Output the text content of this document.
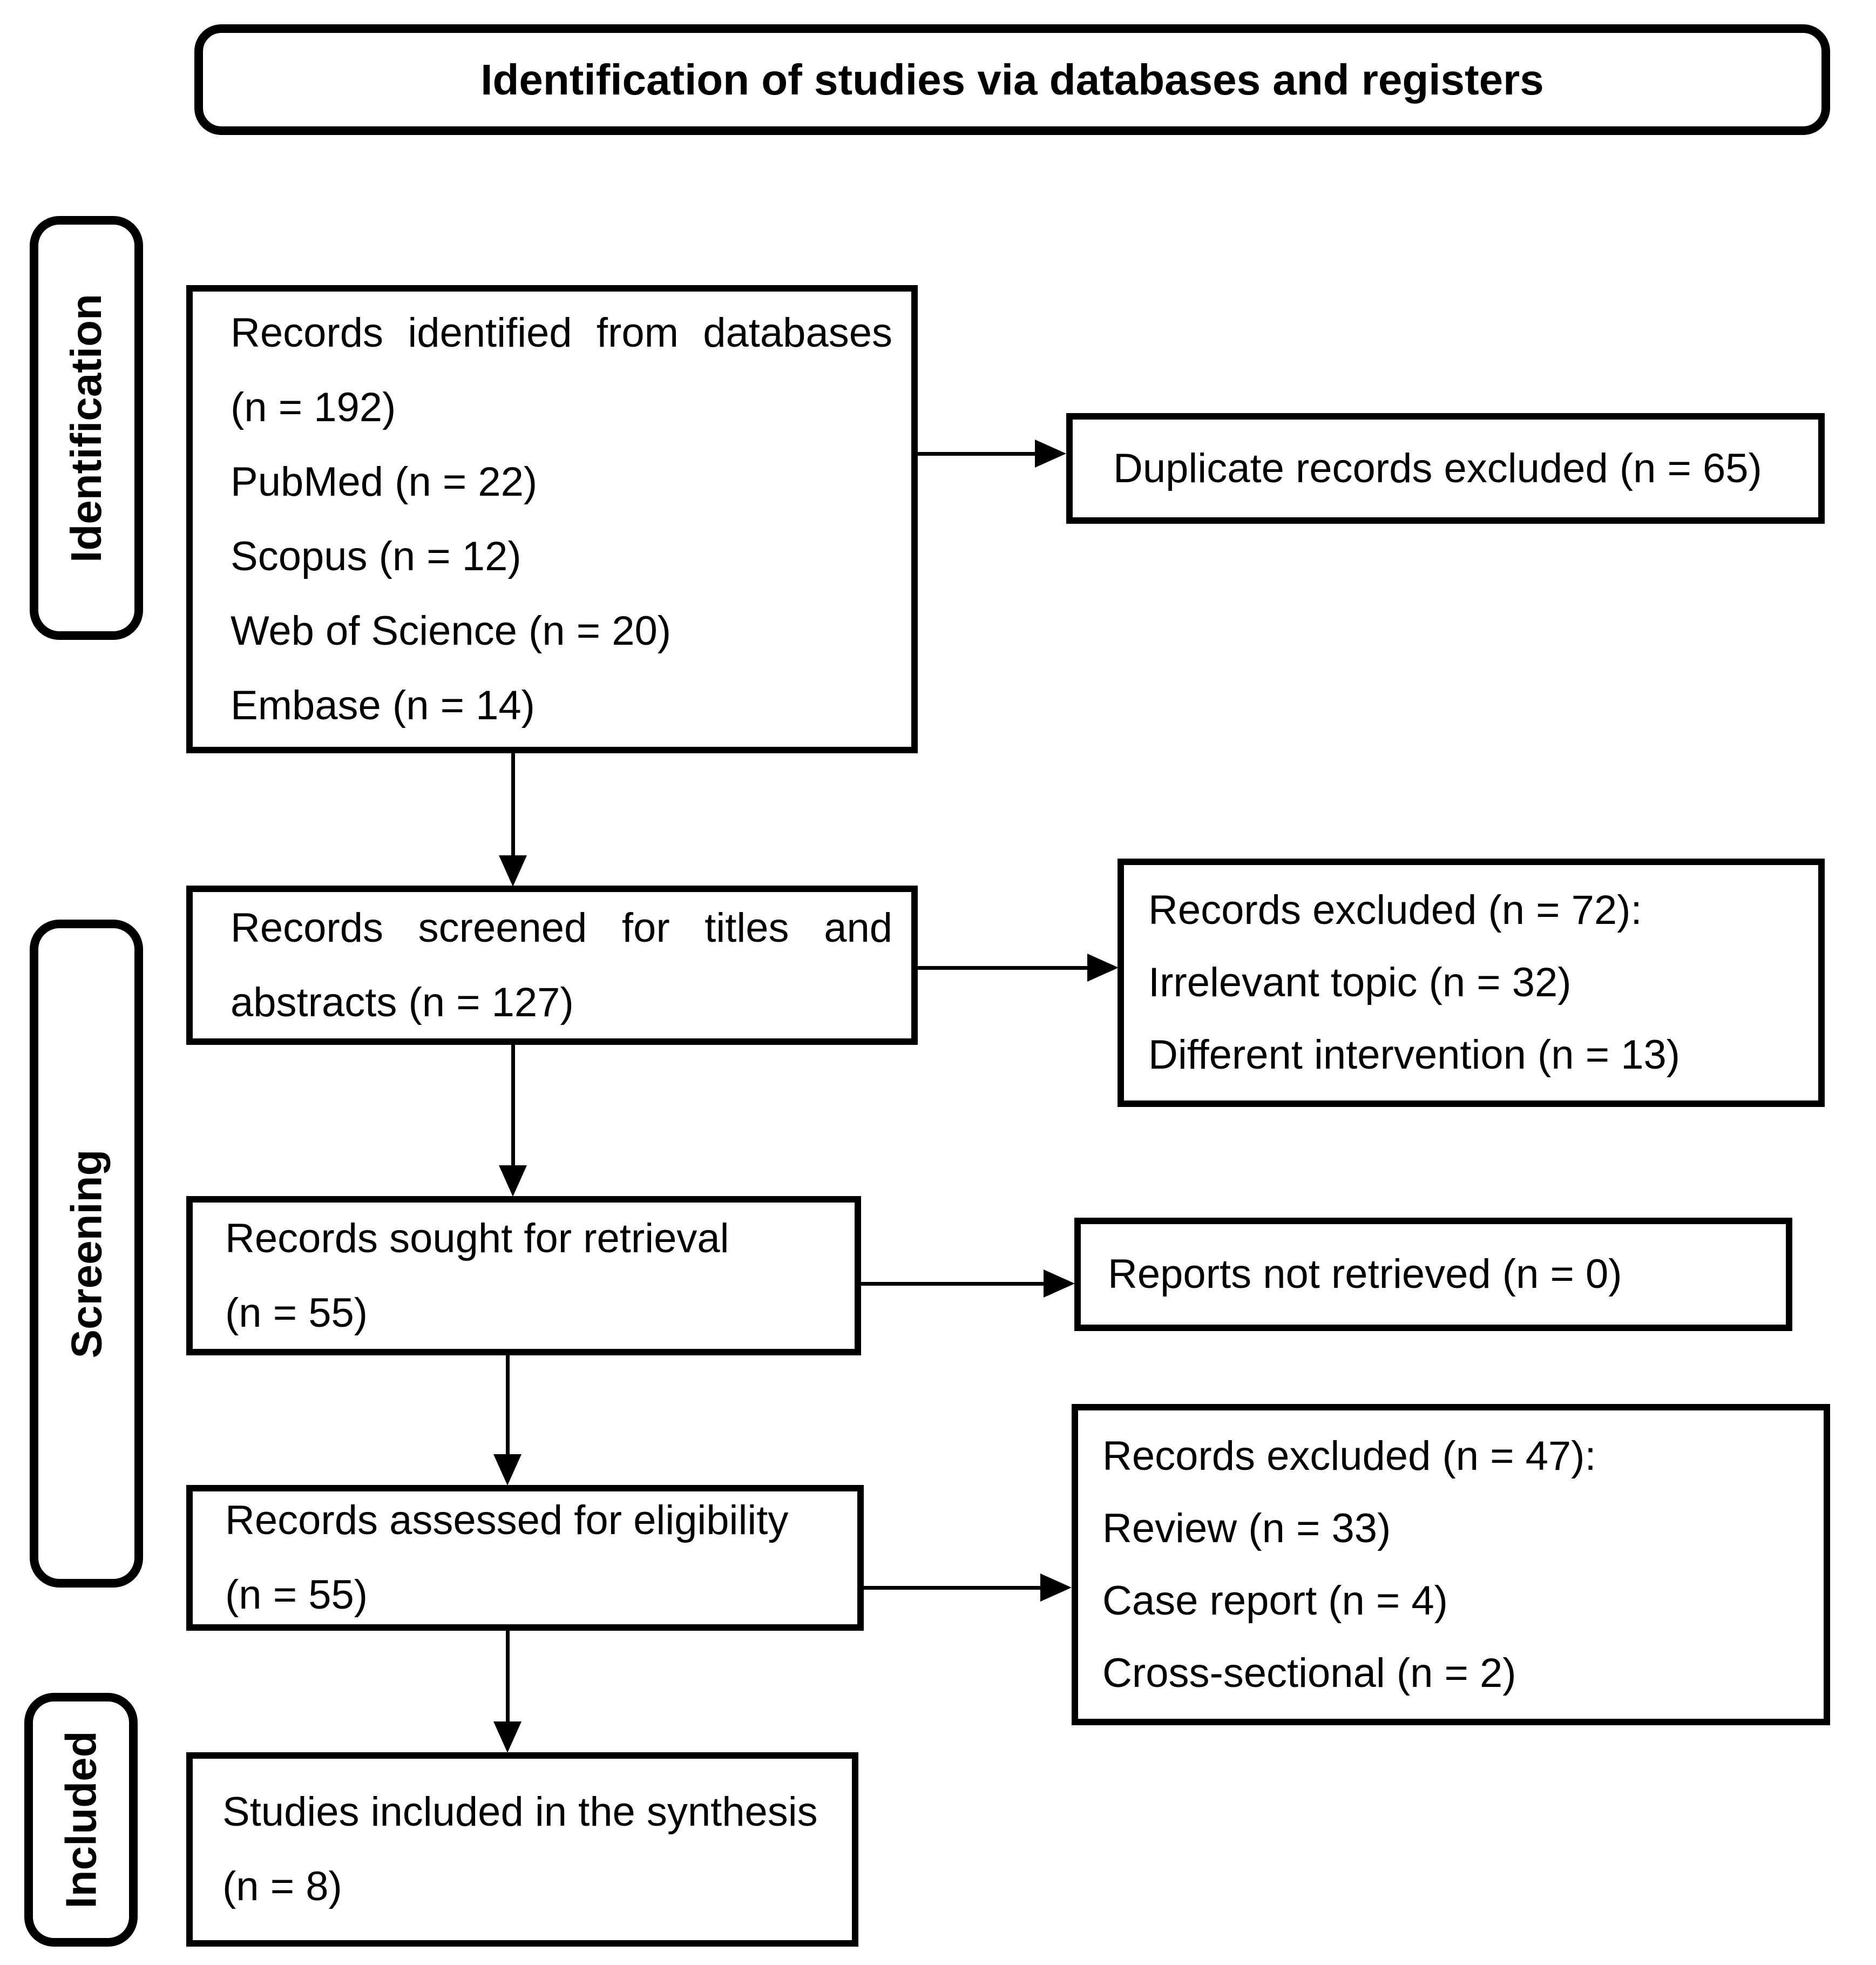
Identification of studies via databases and registers
Identification
Screening
Included

Records identified from databases (n = 192)

PubMed (n = 22)

Scopus (n = 12)

Web of Science (n = 20)

Embase (n = 14)

Records screened for titles and abstracts (n = 127)

Records sought for retrieval (n = 55)

Records assessed for eligibility (n = 55)

Studies included in the synthesis (n = 8)

Duplicate records excluded (n = 65)

Records excluded (n = 72):

Irrelevant topic (n = 32)

Different intervention (n = 13)

Reports not retrieved (n = 0)

Records excluded (n = 47):

Review (n = 33)

Case report (n = 4)

Cross-sectional (n = 2)
